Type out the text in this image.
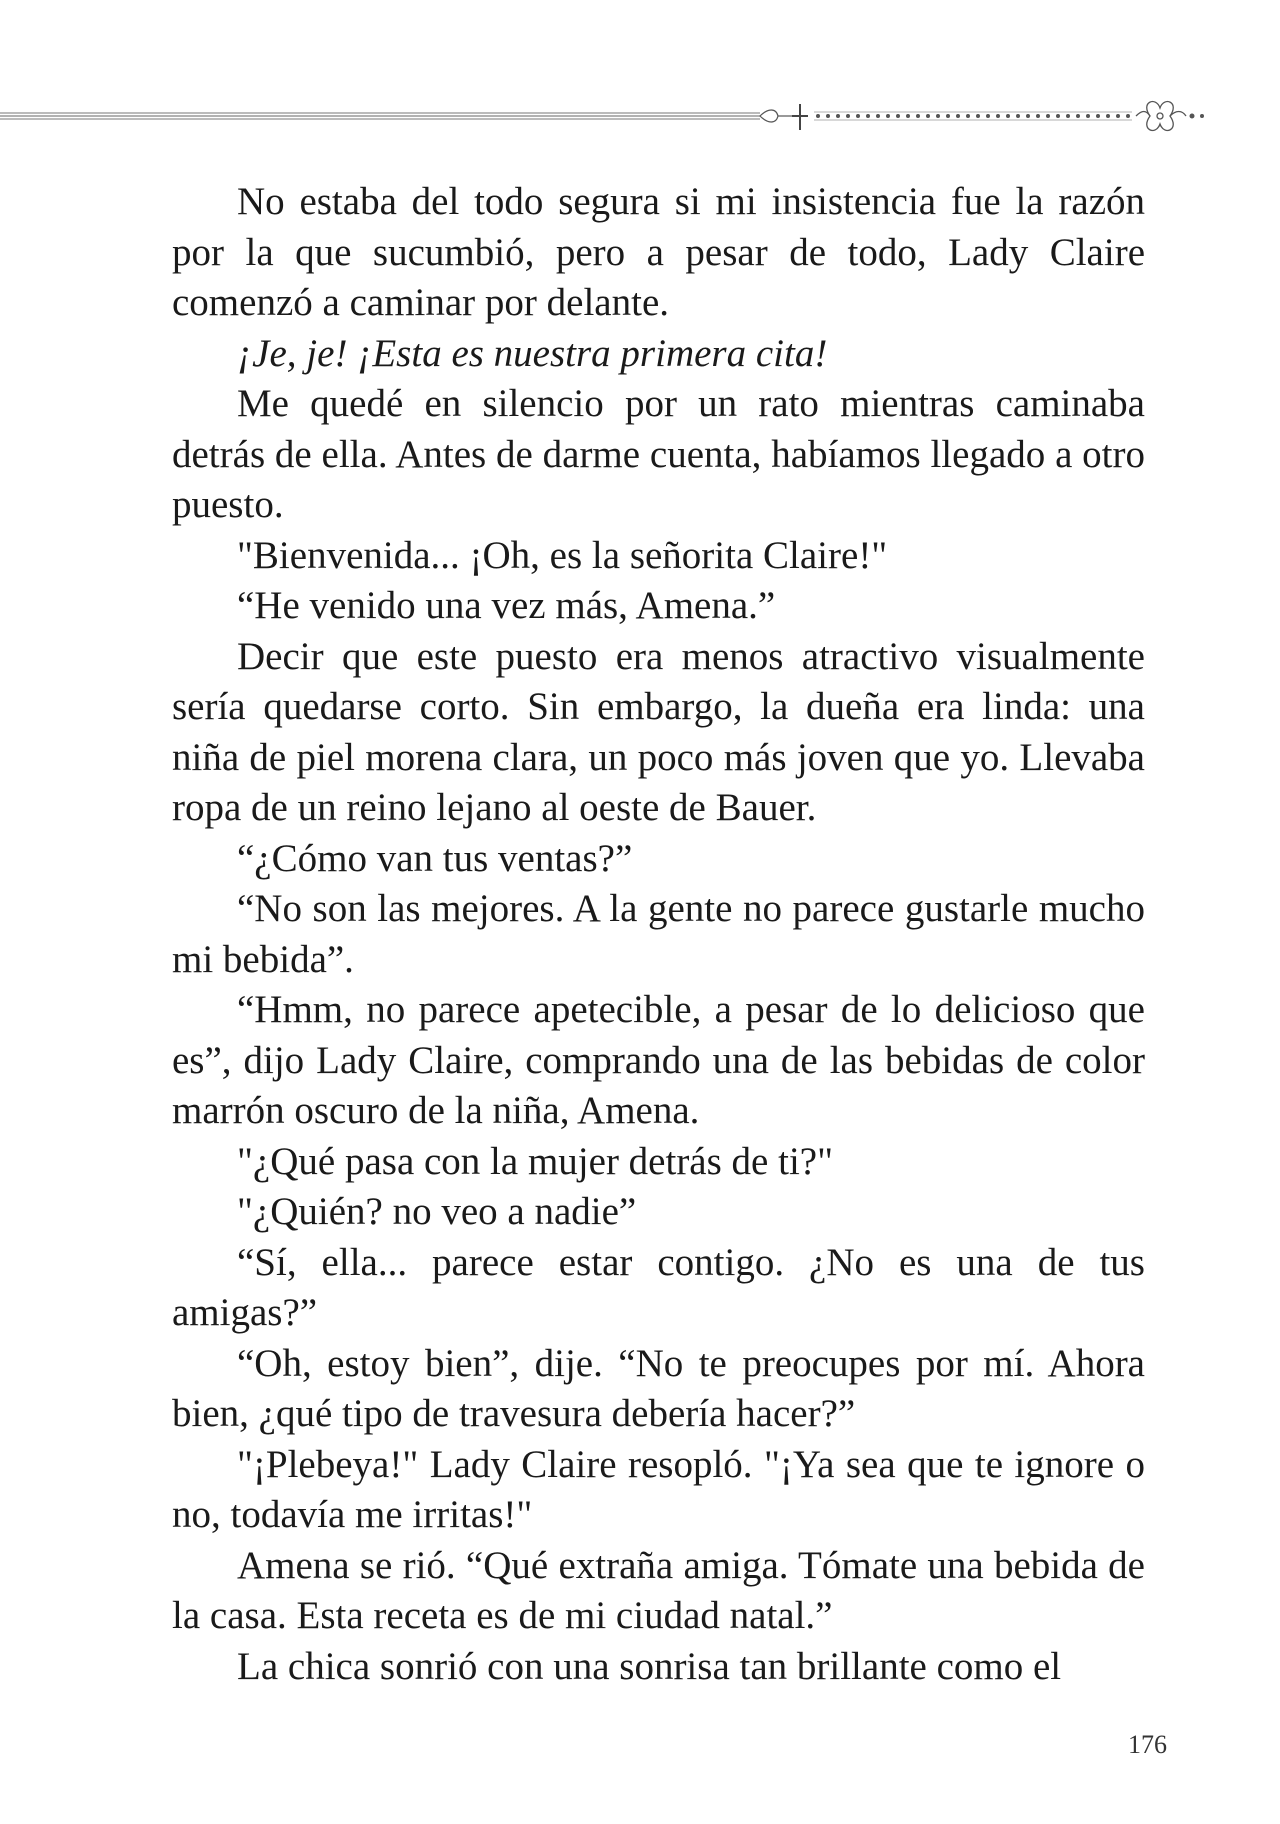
No estaba del todo segura si mi insistencia fue la razón por la que sucumbió, pero a pesar de todo, Lady Claire comenzó a caminar por delante.

¡Je, je! ¡Esta es nuestra primera cita!

Me quedé en silencio por un rato mientras caminaba detrás de ella. Antes de darme cuenta, habíamos llegado a otro puesto.

"Bienvenida... ¡Oh, es la señorita Claire!"

“He venido una vez más, Amena.”

Decir que este puesto era menos atractivo visualmente sería quedarse corto. Sin embargo, la dueña era linda: una niña de piel morena clara, un poco más joven que yo. Llevaba ropa de un reino lejano al oeste de Bauer.

“¿Cómo van tus ventas?”

“No son las mejores. A la gente no parece gustarle mucho mi bebida”.

“Hmm, no parece apetecible, a pesar de lo delicioso que es”, dijo Lady Claire, comprando una de las bebidas de color marrón oscuro de la niña, Amena.

"¿Qué pasa con la mujer detrás de ti?"

"¿Quién? no veo a nadie”

“Sí, ella... parece estar contigo. ¿No es una de tus amigas?”

“Oh, estoy bien”, dije. “No te preocupes por mí. Ahora bien, ¿qué tipo de travesura debería hacer?”

"¡Plebeya!" Lady Claire resopló. "¡Ya sea que te ignore o no, todavía me irritas!"

Amena se rió. “Qué extraña amiga. Tómate una bebida de la casa. Esta receta es de mi ciudad natal.”

La chica sonrió con una sonrisa tan brillante como el

176
